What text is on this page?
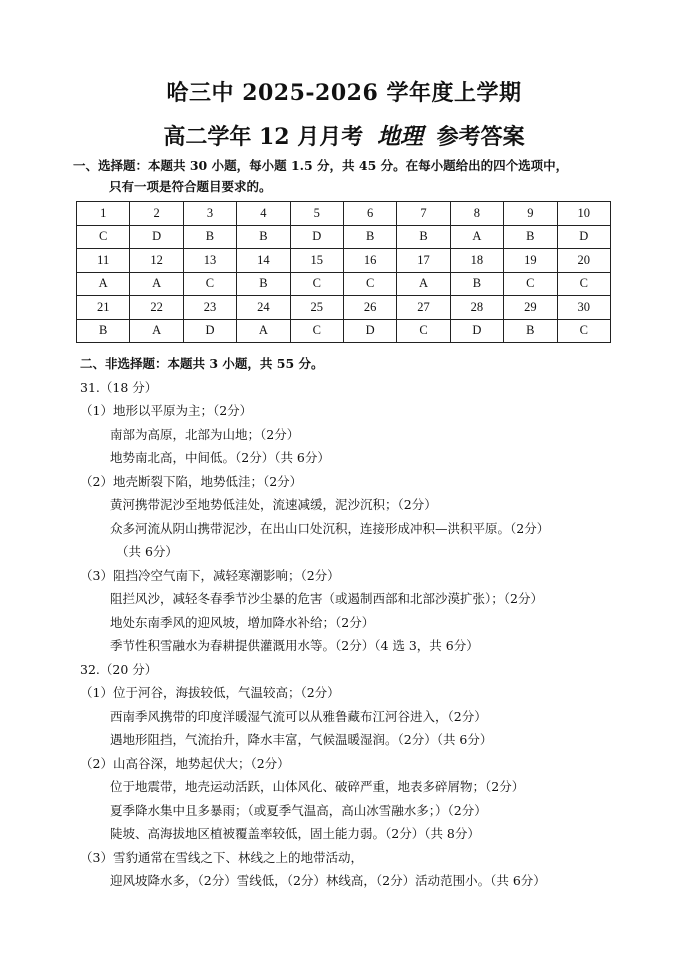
哈三中 2025-2026 学年度上学期
高二学年 12 月月考 地理 参考答案
一、选择题：本题共 30 小题，每小题 1.5 分，共 45 分。在每小题给出的四个选项中，
只有一项是符合题目要求的。
1	2	3	4	5	6	7	8	9	10
C	D	B	B	D	B	B	A	B	D
11	12	13	14	15	16	17	18	19	20
A	A	C	B	C	C	A	B	C	C
21	22	23	24	25	26	27	28	29	30
B	A	D	A	C	D	C	D	B	C
二、非选择题：本题共 3 小题，共 55 分。
31.（18 分）
（1）地形以平原为主；（2分）
南部为高原，北部为山地；（2分）
地势南北高，中间低。（2分）（共 6分）
（2）地壳断裂下陷，地势低洼；（2分）
黄河携带泥沙至地势低洼处，流速减缓，泥沙沉积；（2分）
众多河流从阴山携带泥沙，在出山口处沉积，连接形成冲积—洪积平原。（2分）
（共 6分）
（3）阻挡冷空气南下，减轻寒潮影响；（2分）
阻拦风沙，减轻冬春季节沙尘暴的危害（或遏制西部和北部沙漠扩张）；（2分）
地处东南季风的迎风坡，增加降水补给；（2分）
季节性积雪融水为春耕提供灌溉用水等。（2分）（4 选 3，共 6分）
32.（20 分）
（1）位于河谷，海拔较低，气温较高；（2分）
西南季风携带的印度洋暖湿气流可以从雅鲁藏布江河谷进入，（2分）
遇地形阻挡，气流抬升，降水丰富，气候温暖湿润。（2分）（共 6分）
（2）山高谷深，地势起伏大；（2分）
位于地震带，地壳运动活跃，山体风化、破碎严重，地表多碎屑物；（2分）
夏季降水集中且多暴雨；（或夏季气温高，高山冰雪融水多；）（2分）
陡坡、高海拔地区植被覆盖率较低，固土能力弱。（2分）（共 8分）
（3）雪豹通常在雪线之下、林线之上的地带活动，
迎风坡降水多，（2分）雪线低，（2分）林线高，（2分）活动范围小。（共 6分）
